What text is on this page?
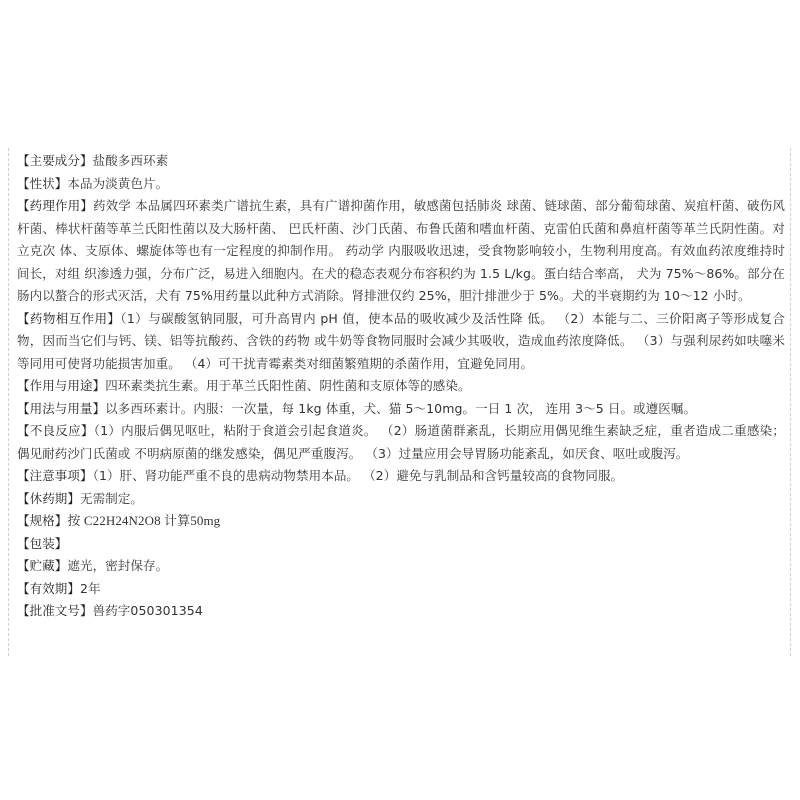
【主要成分】盐酸多西环素

【性状】本品为淡黄色片。

【药理作用】药效学 本品属四环素类广谱抗生素，具有广谱抑菌作用，敏感菌包括肺炎 球菌、链球菌、部分葡萄球菌、炭疽杆菌、破伤风杆菌、棒状杆菌等革兰氏阳性菌以及大肠杆菌、 巴氏杆菌、沙门氏菌、布鲁氏菌和嗜血杆菌、克雷伯氏菌和鼻疽杆菌等革兰氏阴性菌。对立克次 体、支原体、螺旋体等也有一定程度的抑制作用。 药动学 内服吸收迅速，受食物影响较小，生物利用度高。有效血药浓度维持时间长，对组 织渗透力强，分布广泛，易进入细胞内。在犬的稳态表观分布容积约为 1.5 L/kg。蛋白结合率高， 犬为 75%～86%。部分在肠内以螯合的形式灭活，犬有 75%用药量以此种方式消除。肾排泄仅约 25%，胆汁排泄少于 5%。犬的半衰期约为 10～12 小时。

【药物相互作用】（1）与碳酸氢钠同服，可升高胃内 pH 值，使本品的吸收减少及活性降 低。 （2）本能与二、三价阳离子等形成复合物，因而当它们与钙、镁、铝等抗酸药、含铁的药物 或牛奶等食物同服时会减少其吸收，造成血药浓度降低。 （3）与强利尿药如呋噻米等同用可使肾功能损害加重。 （4）可干扰青霉素类对细菌繁殖期的杀菌作用，宜避免同用。

【作用与用途】四环素类抗生素。用于革兰氏阳性菌、阴性菌和支原体等的感染。

【用法与用量】以多西环素计。内服：一次量，每 1kg 体重，犬、猫 5～10mg。一日 1 次， 连用 3～5 日。或遵医嘱。

【不良反应】（1）内服后偶见呕吐，粘附于食道会引起食道炎。 （2）肠道菌群紊乱，长期应用偶见维生素缺乏症，重者造成二重感染；偶见耐药沙门氏菌或 不明病原菌的继发感染，偶见严重腹泻。 （3）过量应用会导胃肠功能紊乱，如厌食、呕吐或腹泻。

【注意事项】（1）肝、肾功能严重不良的患病动物禁用本品。 （2）避免与乳制品和含钙量较高的食物同服。

【休药期】无需制定。

【规格】按 C22H24N2O8 计算50mg

【包装】

【贮藏】遮光，密封保存。

【有效期】2年

【批准文号】兽药字050301354
